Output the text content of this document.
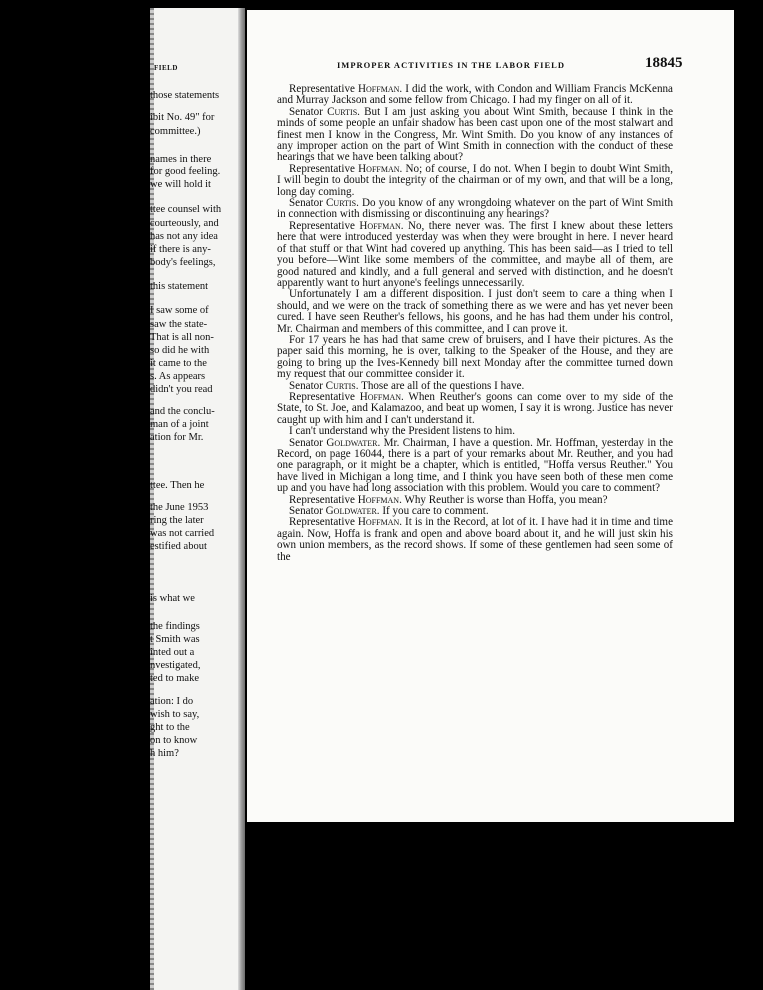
FIELD
those statements
ibit No. 49" for
committee.)
names in there
for good feeling.
we will hold it
ttee counsel with
courteously, and
has not any idea
if there is any-
body's feelings,
this statement
I saw some of
saw the state-
That is all non-
so did he with
it came to the
s. As appears
didn't you read
and the conclu-
man of a joint
ation for Mr.
ttee. Then he
the June 1953
ring the later
was not carried
estified about
is what we
the findings
t Smith was
inted out a
nvestigated,
ted to make
ation: I do
wish to say,
ght to the
on to know
h him?
IMPROPER ACTIVITIES IN THE LABOR FIELD	18845

Representative Hoffman. I did the work, with Condon and William Francis McKenna and Murray Jackson and some fellow from Chicago. I had my finger on all of it.

Senator Curtis. But I am just asking you about Wint Smith, because I think in the minds of some people an unfair shadow has been cast upon one of the most stalwart and finest men I know in the Congress, Mr. Wint Smith. Do you know of any instances of any improper action on the part of Wint Smith in connection with the conduct of these hearings that we have been talking about?

Representative Hoffman. No; of course, I do not. When I begin to doubt Wint Smith, I will begin to doubt the integrity of the chairman or of my own, and that will be a long, long day coming.

Senator Curtis. Do you know of any wrongdoing whatever on the part of Wint Smith in connection with dismissing or discontinuing any hearings?

Representative Hoffman. No, there never was. The first I knew about these letters here that were introduced yesterday was when they were brought in here. I never heard of that stuff or that Wint had covered up anything. This has been said—as I tried to tell you before—Wint like some members of the committee, and maybe all of them, are good natured and kindly, and a full general and served with distinction, and he doesn't apparently want to hurt anyone's feelings unnecessarily.

Unfortunately I am a different disposition. I just don't seem to care a thing when I should, and we were on the track of something there as we were and has yet never been cured. I have seen Reuther's fellows, his goons, and he has had them under his control, Mr. Chairman and members of this committee, and I can prove it.

For 17 years he has had that same crew of bruisers, and I have their pictures. As the paper said this morning, he is over, talking to the Speaker of the House, and they are going to bring up the Ives-Kennedy bill next Monday after the committee turned down my request that our committee consider it.

Senator Curtis. Those are all of the questions I have.

Representative Hoffman. When Reuther's goons can come over to my side of the State, to St. Joe, and Kalamazoo, and beat up women, I say it is wrong. Justice has never caught up with him and I can't understand it.

I can't understand why the President listens to him.

Senator Goldwater. Mr. Chairman, I have a question. Mr. Hoffman, yesterday in the Record, on page 16044, there is a part of your remarks about Mr. Reuther, and you had one paragraph, or it might be a chapter, which is entitled, "Hoffa versus Reuther." You have lived in Michigan a long time, and I think you have seen both of these men come up and you have had long association with this problem. Would you care to comment?

Representative Hoffman. Why Reuther is worse than Hoffa, you mean?

Senator Goldwater. If you care to comment.

Representative Hoffman. It is in the Record, at lot of it. I have had it in time and time again. Now, Hoffa is frank and open and above board about it, and he will just skin his own union members, as the record shows. If some of these gentlemen had seen some of the
